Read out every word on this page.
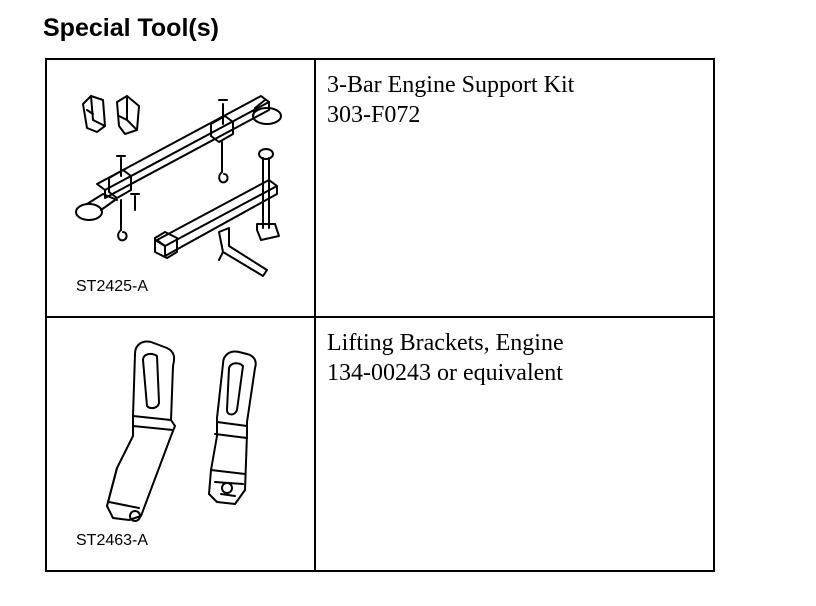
Special Tool(s)
ST2425-A	3-Bar Engine Support Kit
303-F072

ST2463-A	Lifting Brackets, Engine
134-00243 or equivalent
